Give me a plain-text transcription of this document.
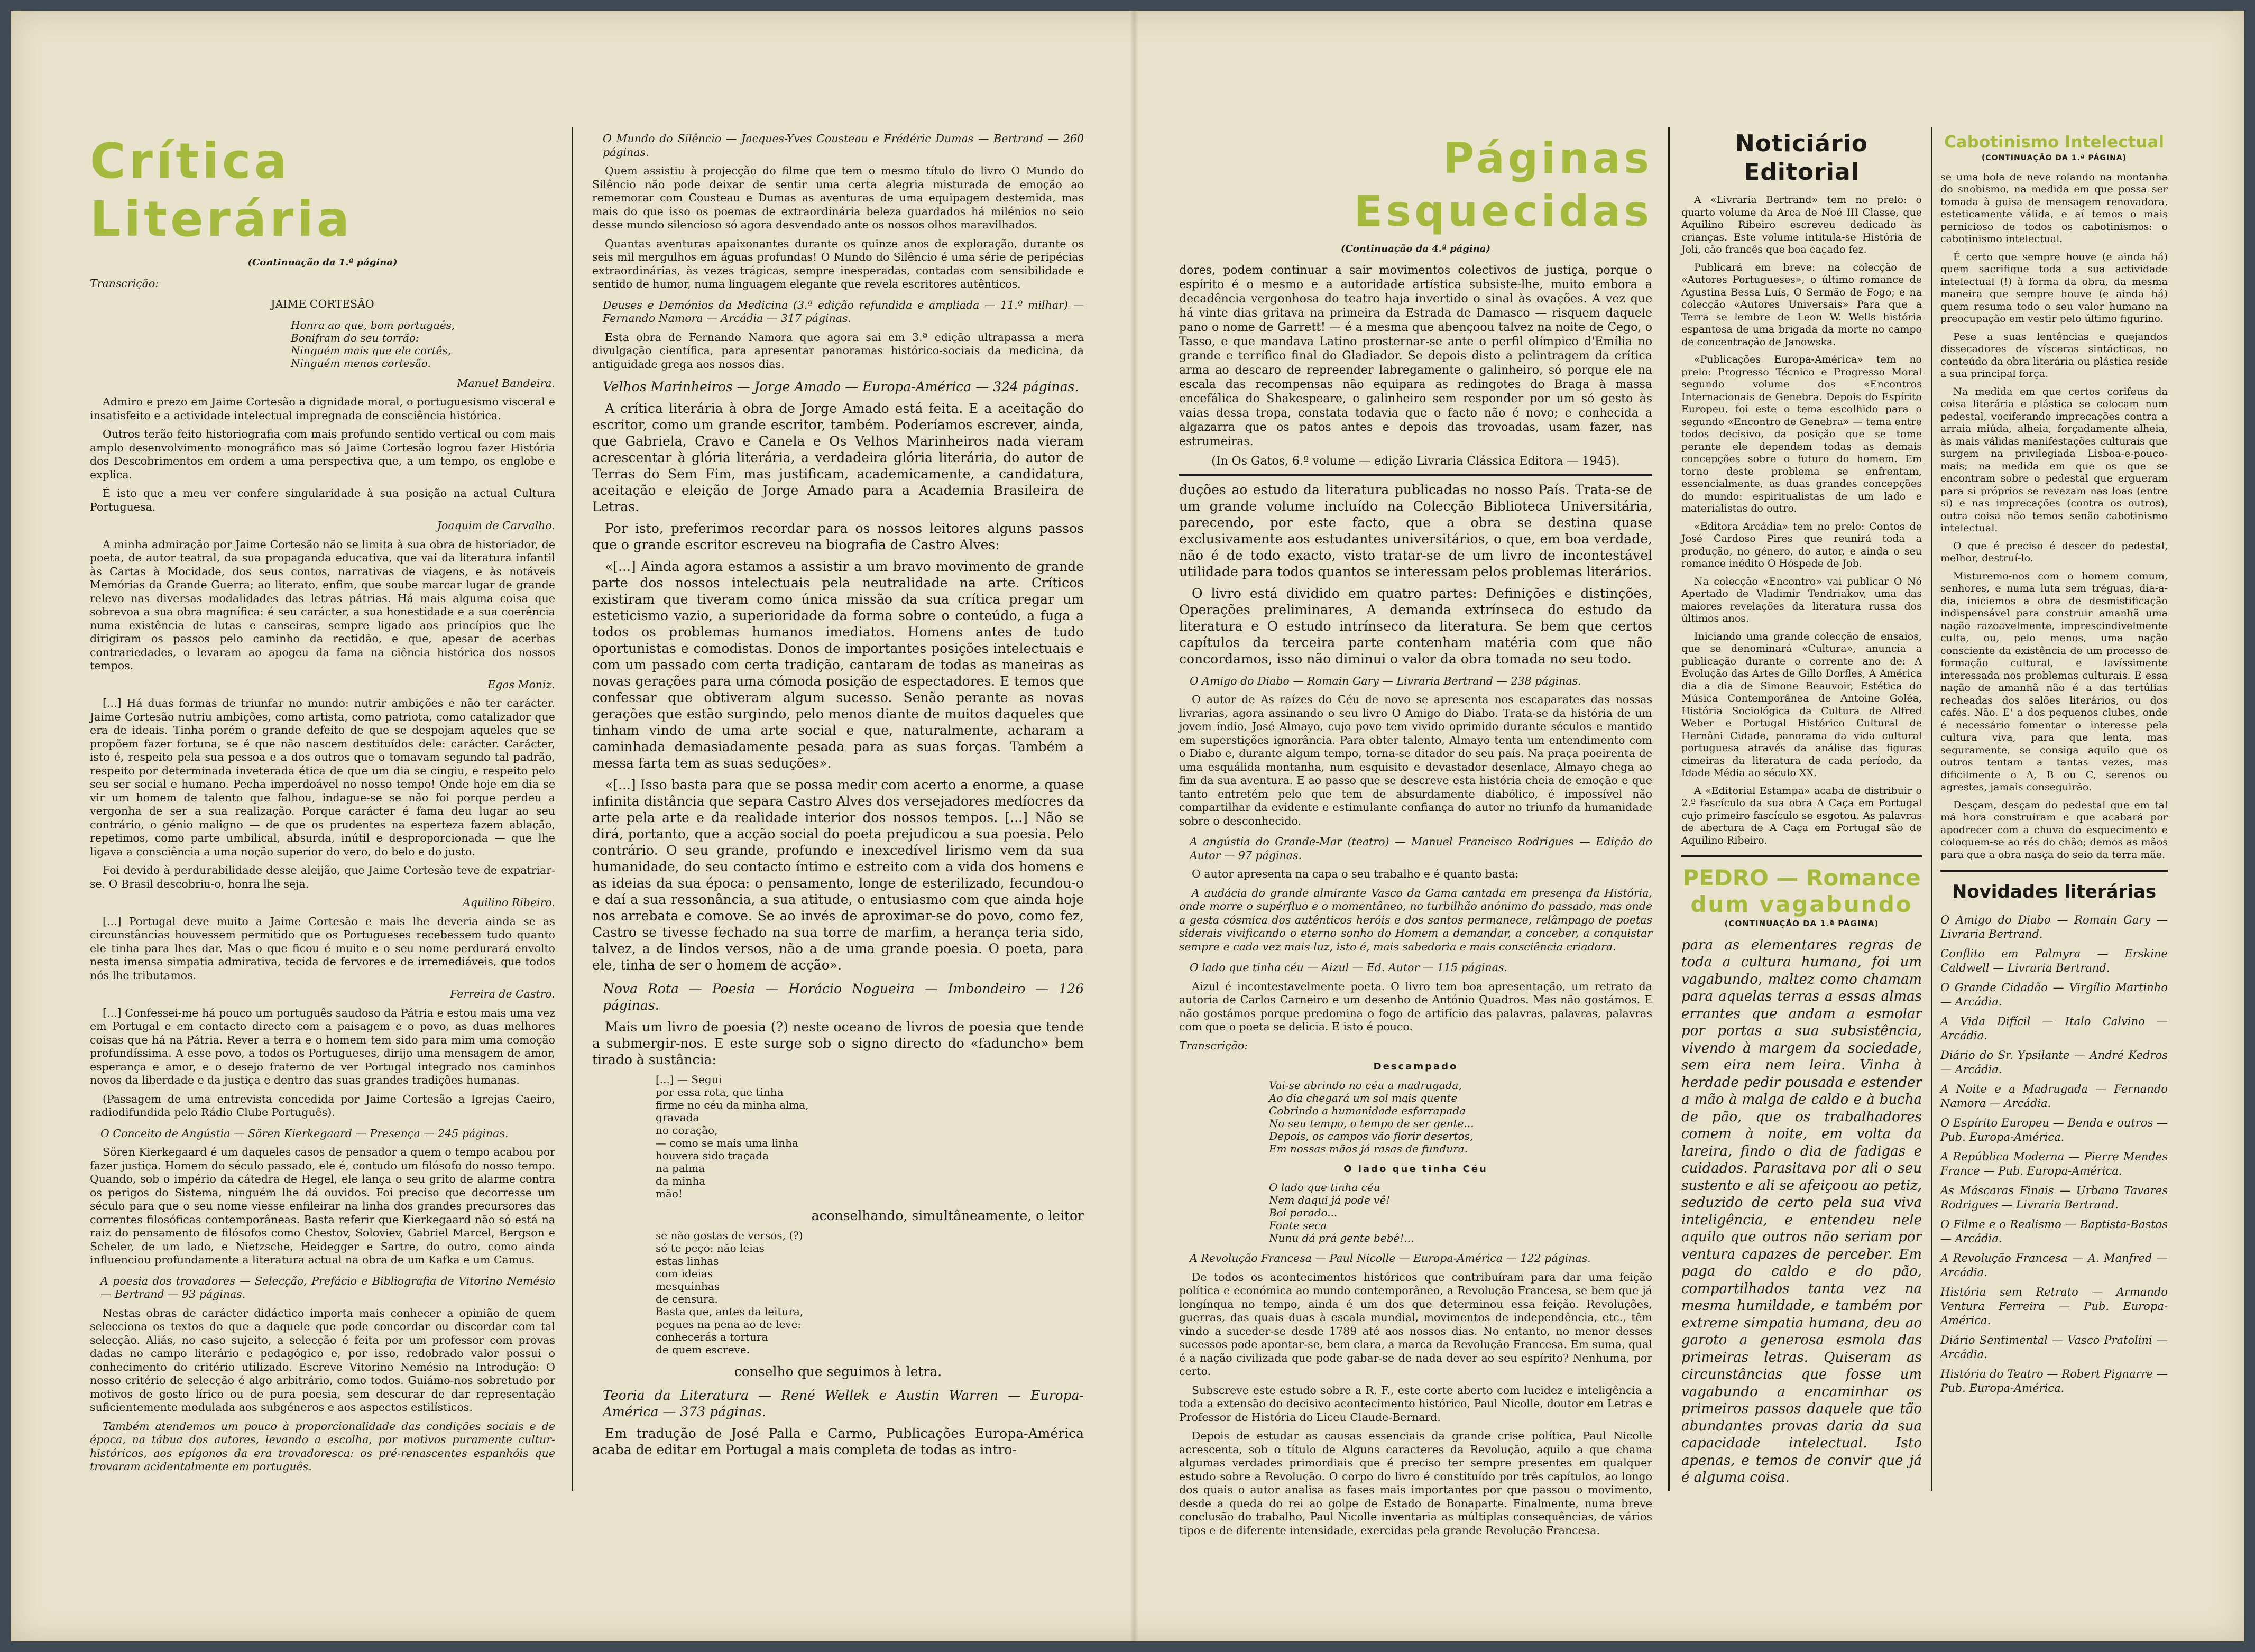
Crítica Literária
(Continuação da 1.ª página)

Transcrição:

JAIME CORTESÃO

Honra ao que, bom português,
Bonifram do seu torrão:
Ninguém mais que ele cortês,
Ninguém menos cortesão.

Manuel Bandeira.

Admiro e prezo em Jaime Cortesão a dignidade moral, o portuguesismo visceral e insatisfeito e a actividade intelectual impregnada de consciência histórica.

Outros terão feito historiografia com mais profundo sentido vertical ou com mais amplo desenvolvimento monográfico mas só Jaime Cortesão logrou fazer História dos Descobrimentos em ordem a uma perspectiva que, a um tempo, os englobe e explica.

É isto que a meu ver confere singularidade à sua posição na actual Cultura Portuguesa.

Joaquim de Carvalho.

A minha admiração por Jaime Cortesão não se limita à sua obra de historiador, de poeta, de autor teatral, da sua propaganda educativa, que vai da literatura infantil às Cartas à Mocidade, dos seus contos, narrativas de viagens, e às notáveis Memórias da Grande Guerra; ao literato, enfim, que soube marcar lugar de grande relevo nas diversas modalidades das letras pátrias. Há mais alguma coisa que sobrevoa a sua obra magnífica: é seu carácter, a sua honestidade e a sua coerência numa existência de lutas e canseiras, sempre ligado aos princípios que lhe dirigiram os passos pelo caminho da rectidão, e que, apesar de acerbas contrariedades, o levaram ao apogeu da fama na ciência histórica dos nossos tempos.

Egas Moniz.

[...] Há duas formas de triunfar no mundo: nutrir ambições e não ter carácter. Jaime Cortesão nutriu ambições, como artista, como patriota, como catalizador que era de ideais. Tinha porém o grande defeito de que se despojam aqueles que se propõem fazer fortuna, se é que não nascem destituídos dele: carácter. Carácter, isto é, respeito pela sua pessoa e a dos outros que o tomavam segundo tal padrão, respeito por determinada inveterada ética de que um dia se cingiu, e respeito pelo seu ser social e humano. Pecha imperdoável no nosso tempo! Onde hoje em dia se vir um homem de talento que falhou, indague-se se não foi porque perdeu a vergonha de ser a sua realização. Porque carácter é fama deu lugar ao seu contrário, o génio maligno — de que os prudentes na esperteza fazem ablação, repetimos, como parte umbilical, absurda, inútil e desproporcionada — que lhe ligava a consciência a uma noção superior do vero, do belo e do justo.

Foi devido à perdurabilidade desse aleijão, que Jaime Cortesão teve de expatriar-se. O Brasil descobriu-o, honra lhe seja.

Aquilino Ribeiro.

[...] Portugal deve muito a Jaime Cortesão e mais lhe deveria ainda se as circunstâncias houvessem permitido que os Portugueses recebessem tudo quanto ele tinha para lhes dar. Mas o que ficou é muito e o seu nome perdurará envolto nesta imensa simpatia admirativa, tecida de fervores e de irremediáveis, que todos nós lhe tributamos.

Ferreira de Castro.

[...] Confessei-me há pouco um português saudoso da Pátria e estou mais uma vez em Portugal e em contacto directo com a paisagem e o povo, as duas melhores coisas que há na Pátria. Rever a terra e o homem tem sido para mim uma comoção profundíssima. A esse povo, a todos os Portugueses, dirijo uma mensagem de amor, esperança e amor, e o desejo fraterno de ver Portugal integrado nos caminhos novos da liberdade e da justiça e dentro das suas grandes tradições humanas.

(Passagem de uma entrevista concedida por Jaime Cortesão a Igrejas Caeiro, radiodifundida pelo Rádio Clube Português).

O Conceito de Angústia — Sören Kierkegaard — Presença — 245 páginas.

Sören Kierkegaard é um daqueles casos de pensador a quem o tempo acabou por fazer justiça. Homem do século passado, ele é, contudo um filósofo do nosso tempo. Quando, sob o império da cátedra de Hegel, ele lança o seu grito de alarme contra os perigos do Sistema, ninguém lhe dá ouvidos. Foi preciso que decorresse um século para que o seu nome viesse enfileirar na linha dos grandes precursores das correntes filosóficas contemporâneas. Basta referir que Kierkegaard não só está na raiz do pensamento de filósofos como Chestov, Soloviev, Gabriel Marcel, Bergson e Scheler, de um lado, e Nietzsche, Heidegger e Sartre, do outro, como ainda influenciou profundamente a literatura actual na obra de um Kafka e um Camus.

A poesia dos trovadores — Selecção, Prefácio e Bibliografia de Vitorino Nemésio — Bertrand — 93 páginas.

Nestas obras de carácter didáctico importa mais conhecer a opinião de quem selecciona os textos do que a daquele que pode concordar ou discordar com tal selecção. Aliás, no caso sujeito, a selecção é feita por um professor com provas dadas no campo literário e pedagógico e, por isso, redobrado valor possui o conhecimento do critério utilizado. Escreve Vitorino Nemésio na Introdução: O nosso critério de selecção é algo arbitrário, como todos. Guiámo-nos sobretudo por motivos de gosto lírico ou de pura poesia, sem descurar de dar representação suficientemente modulada aos subgéneros e aos aspectos estilísticos.

Também atendemos um pouco à proporcionalidade das condições sociais e de época, na tábua dos autores, levando a escolha, por motivos puramente cultur-históricos, aos epígonos da era trovadoresca: os pré-renascentes espanhóis que trovaram acidentalmente em português.

O Mundo do Silêncio — Jacques-Yves Cousteau e Frédéric Dumas — Bertrand — 260 páginas.

Quem assistiu à projecção do filme que tem o mesmo título do livro O Mundo do Silêncio não pode deixar de sentir uma certa alegria misturada de emoção ao rememorar com Cousteau e Dumas as aventuras de uma equipagem destemida, mas mais do que isso os poemas de extraordinária beleza guardados há milénios no seio desse mundo silencioso só agora desvendado ante os nossos olhos maravilhados.

Quantas aventuras apaixonantes durante os quinze anos de exploração, durante os seis mil mergulhos em águas profundas! O Mundo do Silêncio é uma série de peripécias extraordinárias, às vezes trágicas, sempre inesperadas, contadas com sensibilidade e sentido de humor, numa linguagem elegante que revela escritores autênticos.

Deuses e Demónios da Medicina (3.ª edição refundida e ampliada — 11.º milhar) — Fernando Namora — Arcádia — 317 páginas.

Esta obra de Fernando Namora que agora sai em 3.ª edição ultrapassa a mera divulgação científica, para apresentar panoramas histórico-sociais da medicina, da antiguidade grega aos nossos dias.

Velhos Marinheiros — Jorge Amado — Europa-América — 324 páginas.

A crítica literária à obra de Jorge Amado está feita. E a aceitação do escritor, como um grande escritor, também. Poderíamos escrever, ainda, que Gabriela, Cravo e Canela e Os Velhos Marinheiros nada vieram acrescentar à glória literária, a verdadeira glória literária, do autor de Terras do Sem Fim, mas justificam, academicamente, a candidatura, aceitação e eleição de Jorge Amado para a Academia Brasileira de Letras.

Por isto, preferimos recordar para os nossos leitores alguns passos que o grande escritor escreveu na biografia de Castro Alves:

«[...] Ainda agora estamos a assistir a um bravo movimento de grande parte dos nossos intelectuais pela neutralidade na arte. Críticos existiram que tiveram como única missão da sua crítica pregar um esteticismo vazio, a superioridade da forma sobre o conteúdo, a fuga a todos os problemas humanos imediatos. Homens antes de tudo oportunistas e comodistas. Donos de importantes posições intelectuais e com um passado com certa tradição, cantaram de todas as maneiras as novas gerações para uma cómoda posição de espectadores. E temos que confessar que obtiveram algum sucesso. Senão perante as novas gerações que estão surgindo, pelo menos diante de muitos daqueles que tinham vindo de uma arte social e que, naturalmente, acharam a caminhada demasiadamente pesada para as suas forças. Também a messa farta tem as suas seduções».

«[...] Isso basta para que se possa medir com acerto a enorme, a quase infinita distância que separa Castro Alves dos versejadores medíocres da arte pela arte e da realidade interior dos nossos tempos. [...] Não se dirá, portanto, que a acção social do poeta prejudicou a sua poesia. Pelo contrário. O seu grande, profundo e inexcedível lirismo vem da sua humanidade, do seu contacto íntimo e estreito com a vida dos homens e as ideias da sua época: o pensamento, longe de esterilizado, fecundou-o e daí a sua ressonância, a sua atitude, o entusiasmo com que ainda hoje nos arrebata e comove. Se ao invés de aproximar-se do povo, como fez, Castro se tivesse fechado na sua torre de marfim, a herança teria sido, talvez, a de lindos versos, não a de uma grande poesia. O poeta, para ele, tinha de ser o homem de acção».

Nova Rota — Poesia — Horácio Nogueira — Imbondeiro — 126 páginas.

Mais um livro de poesia (?) neste oceano de livros de poesia que tende a submergir-nos. E este surge sob o signo directo do «faduncho» bem tirado à sustância:

[...] — Segui
por essa rota, que tinha
firme no céu da minha alma,
gravada
no coração,
— como se mais uma linha
houvera sido traçada
na palma
da minha
mão!

aconselhando, simultâneamente, o leitor

se não gostas de versos, (?)
só te peço: não leias
estas linhas
com ideias
mesquinhas
de censura.
Basta que, antes da leitura,
pegues na pena ao de leve:
conhecerás a tortura
de quem escreve.

conselho que seguimos à letra.

Teoria da Literatura — René Wellek e Austin Warren — Europa-América — 373 páginas.

Em tradução de José Palla e Carmo, Publicações Europa-América acaba de editar em Portugal a mais completa de todas as intro-

Páginas Esquecidas
(Continuação da 4.ª página)

dores, podem continuar a sair movimentos colectivos de justiça, porque o espírito é o mesmo e a autoridade artística subsiste-lhe, muito embora a decadência vergonhosa do teatro haja invertido o sinal às ovações. A vez que há vinte dias gritava na primeira da Estrada de Damasco — risquem daquele pano o nome de Garrett! — é a mesma que abençoou talvez na noite de Cego, o Tasso, e que mandava Latino prosternar-se ante o perfil olímpico d'Emília no grande e terrífico final do Gladiador. Se depois disto a pelintragem da crítica arma ao descaro de repreender labregamente o galinheiro, só porque ele na escala das recompensas não equipara as redingotes do Braga à massa encefálica do Shakespeare, o galinheiro sem responder por um só gesto às vaias dessa tropa, constata todavia que o facto não é novo; e conhecida a algazarra que os patos antes e depois das trovoadas, usam fazer, nas estrumeiras.

(In Os Gatos, 6.º volume — edição Livraria Clássica Editora — 1945).

duções ao estudo da literatura publicadas no nosso País. Trata-se de um grande volume incluído na Colecção Biblioteca Universitária, parecendo, por este facto, que a obra se destina quase exclusivamente aos estudantes universitários, o que, em boa verdade, não é de todo exacto, visto tratar-se de um livro de incontestável utilidade para todos quantos se interessam pelos problemas literários.

O livro está dividido em quatro partes: Definições e distinções, Operações preliminares, A demanda extrínseca do estudo da literatura e O estudo intrínseco da literatura. Se bem que certos capítulos da terceira parte contenham matéria com que não concordamos, isso não diminui o valor da obra tomada no seu todo.

O Amigo do Diabo — Romain Gary — Livraria Bertrand — 238 páginas.

O autor de As raízes do Céu de novo se apresenta nos escaparates das nossas livrarias, agora assinando o seu livro O Amigo do Diabo. Trata-se da história de um jovem índio, José Almayo, cujo povo tem vivido oprimido durante séculos e mantido em superstições ignorância. Para obter talento, Almayo tenta um entendimento com o Diabo e, durante algum tempo, torna-se ditador do seu país. Na praça poeirenta de uma esquálida montanha, num esquisito e devastador desenlace, Almayo chega ao fim da sua aventura. E ao passo que se descreve esta história cheia de emoção e que tanto entretém pelo que tem de absurdamente diabólico, é impossível não compartilhar da evidente e estimulante confiança do autor no triunfo da humanidade sobre o desconhecido.

A angústia do Grande-Mar (teatro) — Manuel Francisco Rodrigues — Edição do Autor — 97 páginas.

O autor apresenta na capa o seu trabalho e é quanto basta:

A audácia do grande almirante Vasco da Gama cantada em presença da História, onde morre o supérfluo e o momentâneo, no turbilhão anónimo do passado, mas onde a gesta cósmica dos autênticos heróis e dos santos permanece, relâmpago de poetas siderais vivificando o eterno sonho do Homem a demandar, a conceber, a conquistar sempre e cada vez mais luz, isto é, mais sabedoria e mais consciência criadora.

O lado que tinha céu — Aizul — Ed. Autor — 115 páginas.

Aizul é incontestavelmente poeta. O livro tem boa apresentação, um retrato da autoria de Carlos Carneiro e um desenho de António Quadros. Mas não gostámos. E não gostámos porque predomina o fogo de artifício das palavras, palavras, palavras com que o poeta se delicia. E isto é pouco.

Transcrição:

Descampado
Vai-se abrindo no céu a madrugada,
Ao dia chegará um sol mais quente
Cobrindo a humanidade esfarrapada
No seu tempo, o tempo de ser gente...
Depois, os campos vão florir desertos,
Em nossas mãos já rasas de fundura.
O lado que tinha Céu
O lado que tinha céu
Nem daqui já pode vê!
Boi parado...
Fonte seca
Nunu dá prá gente bebê!...

A Revolução Francesa — Paul Nicolle — Europa-América — 122 páginas.

De todos os acontecimentos históricos que contribuíram para dar uma feição política e económica ao mundo contemporâneo, a Revolução Francesa, se bem que já longínqua no tempo, ainda é um dos que determinou essa feição. Revoluções, guerras, das quais duas à escala mundial, movimentos de independência, etc., têm vindo a suceder-se desde 1789 até aos nossos dias. No entanto, no menor desses sucessos pode apontar-se, bem clara, a marca da Revolução Francesa. Em suma, qual é a nação civilizada que pode gabar-se de nada dever ao seu espírito? Nenhuma, por certo.

Subscreve este estudo sobre a R. F., este corte aberto com lucidez e inteligência a toda a extensão do decisivo acontecimento histórico, Paul Nicolle, doutor em Letras e Professor de História do Liceu Claude-Bernard.

Depois de estudar as causas essenciais da grande crise política, Paul Nicolle acrescenta, sob o título de Alguns caracteres da Revolução, aquilo a que chama algumas verdades primordiais que é preciso ter sempre presentes em qualquer estudo sobre a Revolução. O corpo do livro é constituído por três capítulos, ao longo dos quais o autor analisa as fases mais importantes por que passou o movimento, desde a queda do rei ao golpe de Estado de Bonaparte. Finalmente, numa breve conclusão do trabalho, Paul Nicolle inventaria as múltiplas consequências, de vários tipos e de diferente intensidade, exercidas pela grande Revolução Francesa.

Noticiário Editorial

A «Livraria Bertrand» tem no prelo: o quarto volume da Arca de Noé III Classe, que Aquilino Ribeiro escreveu dedicado às crianças. Este volume intitula-se História de Joli, cão francês que boa caçado fez.

Publicará em breve: na colecção de «Autores Portugueses», o último romance de Agustina Bessa Luís, O Sermão de Fogo; e na colecção «Autores Universais» Para que a Terra se lembre de Leon W. Wells história espantosa de uma brigada da morte no campo de concentração de Janowska.

«Publicações Europa-América» tem no prelo: Progresso Técnico e Progresso Moral segundo volume dos «Encontros Internacionais de Genebra. Depois do Espírito Europeu, foi este o tema escolhido para o segundo «Encontro de Genebra» — tema entre todos decisivo, da posição que se tome perante ele dependem todas as demais concepções sobre o futuro do homem. Em torno deste problema se enfrentam, essencialmente, as duas grandes concepções do mundo: espiritualistas de um lado e materialistas do outro.

«Editora Arcádia» tem no prelo: Contos de José Cardoso Pires que reunirá toda a produção, no género, do autor, e ainda o seu romance inédito O Hóspede de Job.

Na colecção «Encontro» vai publicar O Nó Apertado de Vladimir Tendriakov, uma das maiores revelações da literatura russa dos últimos anos.

Iniciando uma grande colecção de ensaios, que se denominará «Cultura», anuncia a publicação durante o corrente ano de: A Evolução das Artes de Gillo Dorfles, A América dia a dia de Simone Beauvoir, Estética do Música Contemporânea de Antoine Goléa, História Sociológica da Cultura de Alfred Weber e Portugal Histórico Cultural de Hernâni Cidade, panorama da vida cultural portuguesa através da análise das figuras cimeiras da literatura de cada período, da Idade Média ao século XX.

A «Editorial Estampa» acaba de distribuir o 2.º fascículo da sua obra A Caça em Portugal cujo primeiro fascículo se esgotou. As palavras de abertura de A Caça em Portugal são de Aquilino Ribeiro.

PEDRO — Romance
dum vagabundo
(CONTINUAÇÃO DA 1.ª PÁGINA)

para as elementares regras de toda a cultura humana, foi um vagabundo, maltez como chamam para aquelas terras a essas almas errantes que andam a esmolar por portas a sua subsistência, vivendo à margem da sociedade, sem eira nem leira. Vinha à herdade pedir pousada e estender a mão à malga de caldo e à bucha de pão, que os trabalhadores comem à noite, em volta da lareira, findo o dia de fadigas e cuidados. Parasitava por ali o seu sustento e ali se afeiçoou ao petiz, seduzido de certo pela sua viva inteligência, e entendeu nele aquilo que outros não seriam por ventura capazes de perceber. Em paga do caldo e do pão, compartilhados tanta vez na mesma humildade, e também por extreme simpatia humana, deu ao garoto a generosa esmola das primeiras letras. Quiseram as circunstâncias que fosse um vagabundo a encaminhar os primeiros passos daquele que tão abundantes provas daria da sua capacidade intelectual. Isto apenas, e temos de convir que já é alguma coisa.

Cabotinismo Intelectual
(CONTINUAÇÃO DA 1.ª PÁGINA)

se uma bola de neve rolando na montanha do snobismo, na medida em que possa ser tomada à guisa de mensagem renovadora, esteticamente válida, e aí temos o mais pernicioso de todos os cabotinismos: o cabotinismo intelectual.

É certo que sempre houve (e ainda há) quem sacrifique toda a sua actividade intelectual (!) à forma da obra, da mesma maneira que sempre houve (e ainda há) quem resuma todo o seu valor humano na preocupação em vestir pelo último figurino.

Pese a suas lentências e quejandos dissecadores de vísceras sintácticas, no conteúdo da obra literária ou plástica reside a sua principal força.

Na medida em que certos corifeus da coisa literária e plástica se colocam num pedestal, vociferando imprecações contra a arraia miúda, alheia, forçadamente alheia, às mais válidas manifestações culturais que surgem na privilegiada Lisboa-e-pouco-mais; na medida em que os que se encontram sobre o pedestal que ergueram para si próprios se revezam nas loas (entre si) e nas imprecações (contra os outros), outra coisa não temos senão cabotinismo intelectual.

O que é preciso é descer do pedestal, melhor, destruí-lo.

Misturemo-nos com o homem comum, senhores, e numa luta sem tréguas, dia-a-dia, iniciemos a obra de desmistificação indispensável para construir amanhã uma nação razoavelmente, imprescindivelmente culta, ou, pelo menos, uma nação consciente da existência de um processo de formação cultural, e lavíssimente interessada nos problemas culturais. E essa nação de amanhã não é a das tertúlias recheadas dos salões literários, ou dos cafés. Não. E' a dos pequenos clubes, onde é necessário fomentar o interesse pela cultura viva, para que lenta, mas seguramente, se consiga aquilo que os outros tentam a tantas vezes, mas dificilmente o A, B ou C, serenos ou agrestes, jamais conseguirão.

Desçam, desçam do pedestal que em tal má hora construíram e que acabará por apodrecer com a chuva do esquecimento e coloquem-se ao rés do chão; demos as mãos para que a obra nasça do seio da terra mãe.

Novidades literárias

O Amigo do Diabo — Romain Gary — Livraria Bertrand.

Conflito em Palmyra — Erskine Caldwell — Livraria Bertrand.

O Grande Cidadão — Virgílio Martinho — Arcádia.

A Vida Difícil — Italo Calvino — Arcádia.

Diário do Sr. Ypsilante — André Kedros — Arcádia.

A Noite e a Madrugada — Fernando Namora — Arcádia.

O Espírito Europeu — Benda e outros — Pub. Europa-América.

A República Moderna — Pierre Mendes France — Pub. Europa-América.

As Máscaras Finais — Urbano Tavares Rodrigues — Livraria Bertrand.

O Filme e o Realismo — Baptista-Bastos — Arcádia.

A Revolução Francesa — A. Manfred — Arcádia.

História sem Retrato — Armando Ventura Ferreira — Pub. Europa-América.

Diário Sentimental — Vasco Pratolini — Arcádia.

História do Teatro — Robert Pignarre — Pub. Europa-América.
